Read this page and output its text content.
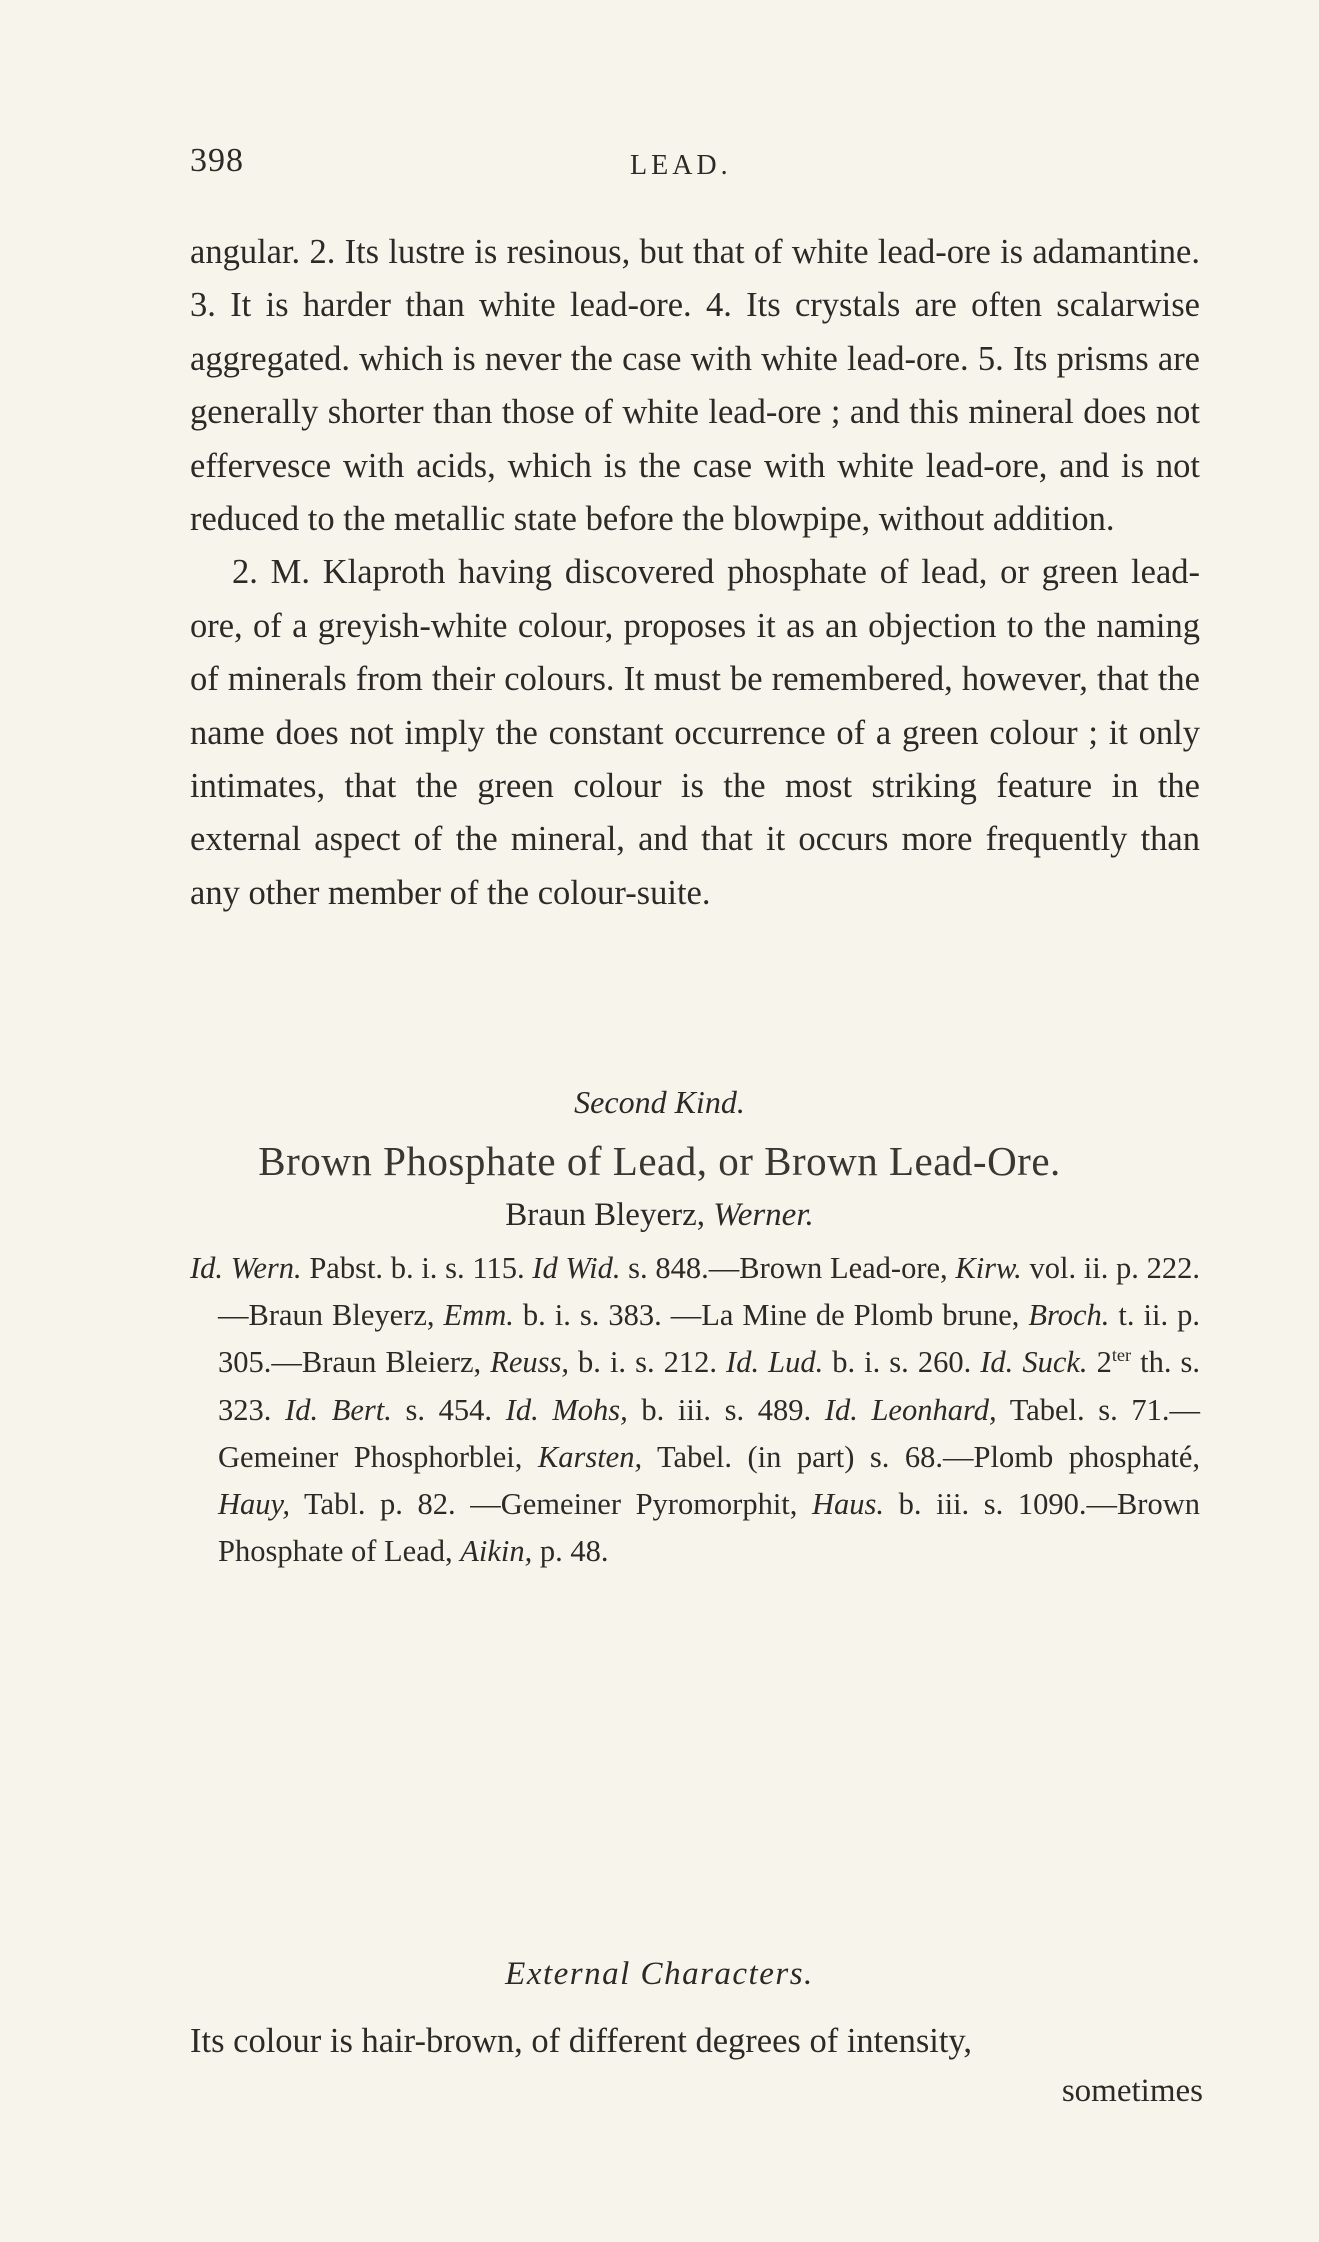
398	LEAD.

angular. 2. Its lustre is resinous, but that of white lead-ore is adamantine. 3. It is harder than white lead-ore. 4. Its crystals are often scalarwise aggregated. which is never the case with white lead-ore. 5. Its prisms are generally shorter than those of white lead-ore ; and this mineral does not effervesce with acids, which is the case with white lead-ore, and is not reduced to the metallic state before the blowpipe, without addition.

2. M. Klaproth having discovered phosphate of lead, or green lead-ore, of a greyish-white colour, proposes it as an objection to the naming of minerals from their colours. It must be remembered, however, that the name does not imply the constant occurrence of a green colour ; it only intimates, that the green colour is the most striking feature in the external aspect of the mineral, and that it occurs more frequently than any other member of the colour-suite.

Second Kind.
Brown Phosphate of Lead, or Brown Lead-Ore.
Braun Bleyerz, Werner.

Id. Wern. Pabst. b. i. s. 115. Id Wid. s. 848.—Brown Lead-ore, Kirw. vol. ii. p. 222.—Braun Bleyerz, Emm. b. i. s. 383. —La Mine de Plomb brune, Broch. t. ii. p. 305.—Braun Bleierz, Reuss, b. i. s. 212. Id. Lud. b. i. s. 260. Id. Suck. $2^{ter}$ th. s. 323. Id. Bert. s. 454. Id. Mohs, b. iii. s. 489. Id. Leonhard, Tabel. s. 71.—Gemeiner Phosphorblei, Karsten, Tabel. (in part) s. 68.—Plomb phosphaté, Hauy, Tabl. p. 82. —Gemeiner Pyromorphit, Haus. b. iii. s. 1090.—Brown Phosphate of Lead, Aikin, p. 48.

External Characters.
Its colour is hair-brown, of different degrees of intensity,
sometimes
